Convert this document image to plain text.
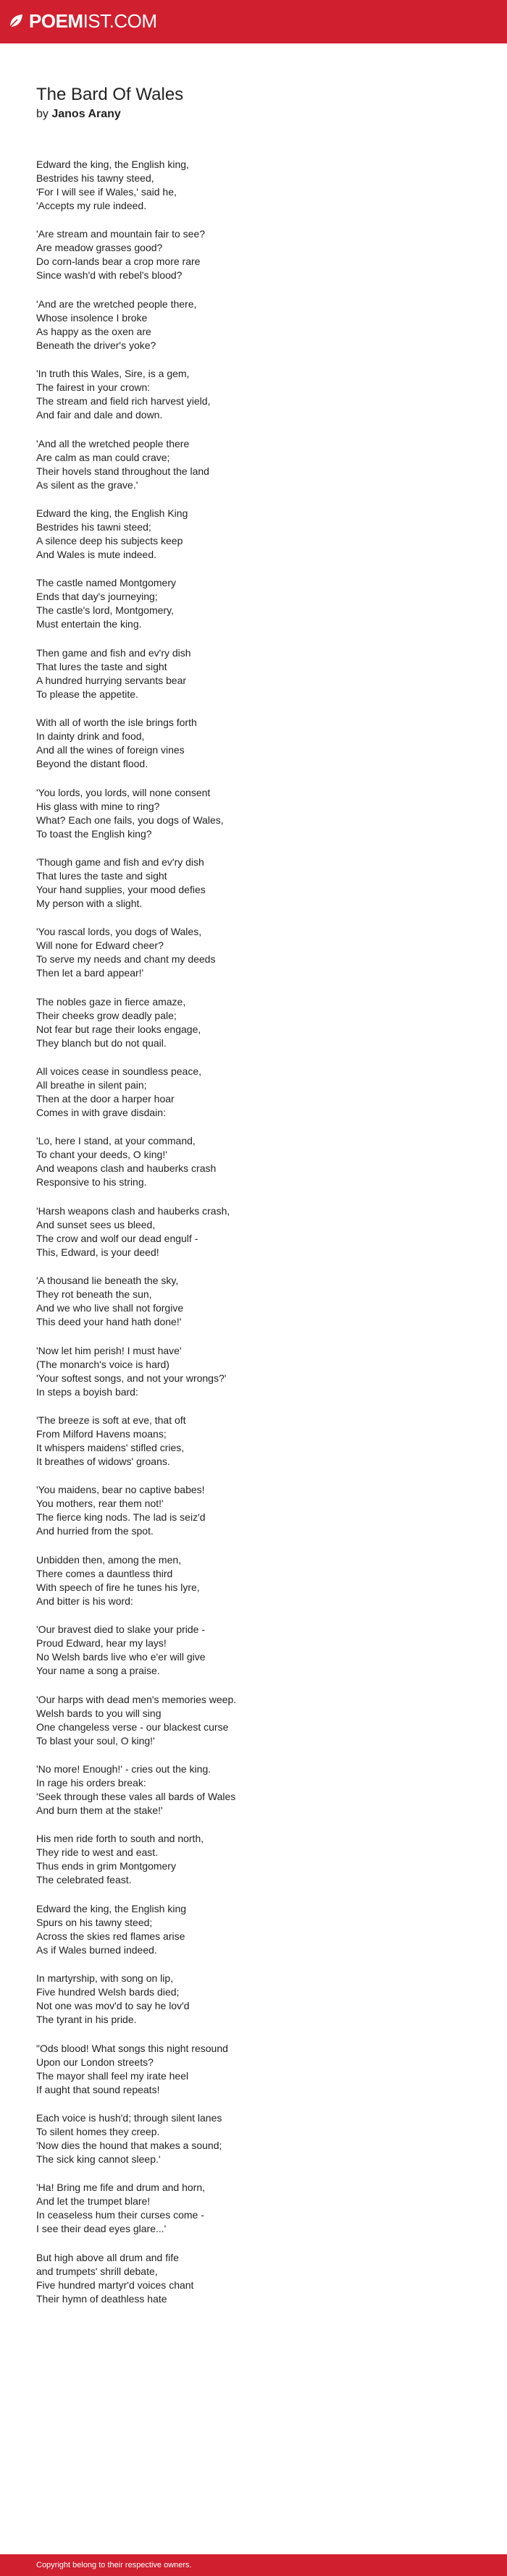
POEMIST.COM
The Bard Of Wales
by Janos Arany
Edward the king, the English king,
Bestrides his tawny steed,
'For I will see if Wales,' said he,
'Accepts my rule indeed.
'Are stream and mountain fair to see?
Are meadow grasses good?
Do corn-lands bear a crop more rare
Since wash'd with rebel's blood?
'And are the wretched people there,
Whose insolence I broke
As happy as the oxen are
Beneath the driver's yoke?
'In truth this Wales, Sire, is a gem,
The fairest in your crown:
The stream and field rich harvest yield,
And fair and dale and down.
'And all the wretched people there
Are calm as man could crave;
Their hovels stand throughout the land
As silent as the grave.'
Edward the king, the English King
Bestrides his tawni steed;
A silence deep his subjects keep
And Wales is mute indeed.
The castle named Montgomery
Ends that day's journeying;
The castle's lord, Montgomery,
Must entertain the king.
Then game and fish and ev'ry dish
That lures the taste and sight
A hundred hurrying servants bear
To please the appetite.
With all of worth the isle brings forth
In dainty drink and food,
And all the wines of foreign vines
Beyond the distant flood.
'You lords, you lords, will none consent
His glass with mine to ring?
What? Each one fails, you dogs of Wales,
To toast the English king?
'Though game and fish and ev'ry dish
That lures the taste and sight
Your hand supplies, your mood defies
My person with a slight.
'You rascal lords, you dogs of Wales,
Will none for Edward cheer?
To serve my needs and chant my deeds
Then let a bard appear!'
The nobles gaze in fierce amaze,
Their cheeks grow deadly pale;
Not fear but rage their looks engage,
They blanch but do not quail.
All voices cease in soundless peace,
All breathe in silent pain;
Then at the door a harper hoar
Comes in with grave disdain:
'Lo, here I stand, at your command,
To chant your deeds, O king!'
And weapons clash and hauberks crash
Responsive to his string.
'Harsh weapons clash and hauberks crash,
And sunset sees us bleed,
The crow and wolf our dead engulf -
This, Edward, is your deed!
'A thousand lie beneath the sky,
They rot beneath the sun,
And we who live shall not forgive
This deed your hand hath done!'
'Now let him perish! I must have'
(The monarch's voice is hard)
'Your softest songs, and not your wrongs?'
In steps a boyish bard:
'The breeze is soft at eve, that oft
From Milford Havens moans;
It whispers maidens' stifled cries,
It breathes of widows' groans.
'You maidens, bear no captive babes!
You mothers, rear them not!'
The fierce king nods. The lad is seiz'd
And hurried from the spot.
Unbidden then, among the men,
There comes a dauntless third
With speech of fire he tunes his lyre,
And bitter is his word:
'Our bravest died to slake your pride -
Proud Edward, hear my lays!
No Welsh bards live who e'er will give
Your name a song a praise.
'Our harps with dead men's memories weep.
Welsh bards to you will sing
One changeless verse - our blackest curse
To blast your soul, O king!'
'No more! Enough!' - cries out the king.
In rage his orders break:
'Seek through these vales all bards of Wales
And burn them at the stake!'
His men ride forth to south and north,
They ride to west and east.
Thus ends in grim Montgomery
The celebrated feast.
Edward the king, the English king
Spurs on his tawny steed;
Across the skies red flames arise
As if Wales burned indeed.
In martyrship, with song on lip,
Five hundred Welsh bards died;
Not one was mov'd to say he lov'd
The tyrant in his pride.
"Ods blood! What songs this night resound
Upon our London streets?
The mayor shall feel my irate heel
If aught that sound repeats!
Each voice is hush'd; through silent lanes
To silent homes they creep.
'Now dies the hound that makes a sound;
The sick king cannot sleep.'
'Ha! Bring me fife and drum and horn,
And let the trumpet blare!
In ceaseless hum their curses come -
I see their dead eyes glare...'
But high above all drum and fife
and trumpets' shrill debate,
Five hundred martyr'd voices chant
Their hymn of deathless hate
Copyright belong to their respective owners.
